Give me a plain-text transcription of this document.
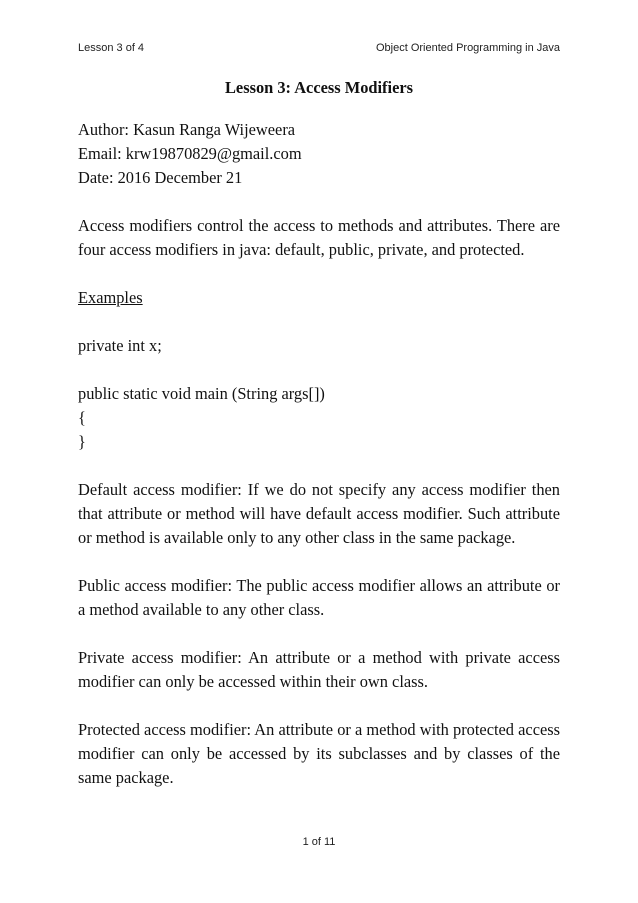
Lesson 3 of 4	Object Oriented Programming in Java

Lesson 3: Access Modifiers

Author: Kasun Ranga Wijeweera

Email: krw19870829@gmail.com

Date: 2016 December 21

Access modifiers control the access to methods and attributes. There are four access modifiers in java: default, public, private, and protected.

Examples

private int x;

public static void main (String args[])

{

}

Default access modifier: If we do not specify any access modifier then that attribute or method will have default access modifier. Such attribute or method is available only to any other class in the same package.

Public access modifier: The public access modifier allows an attribute or a method available to any other class.

Private access modifier: An attribute or a method with private access modifier can only be accessed within their own class.

Protected access modifier: An attribute or a method with protected access modifier can only be accessed by its subclasses and by classes of the same package.

1 of 11
